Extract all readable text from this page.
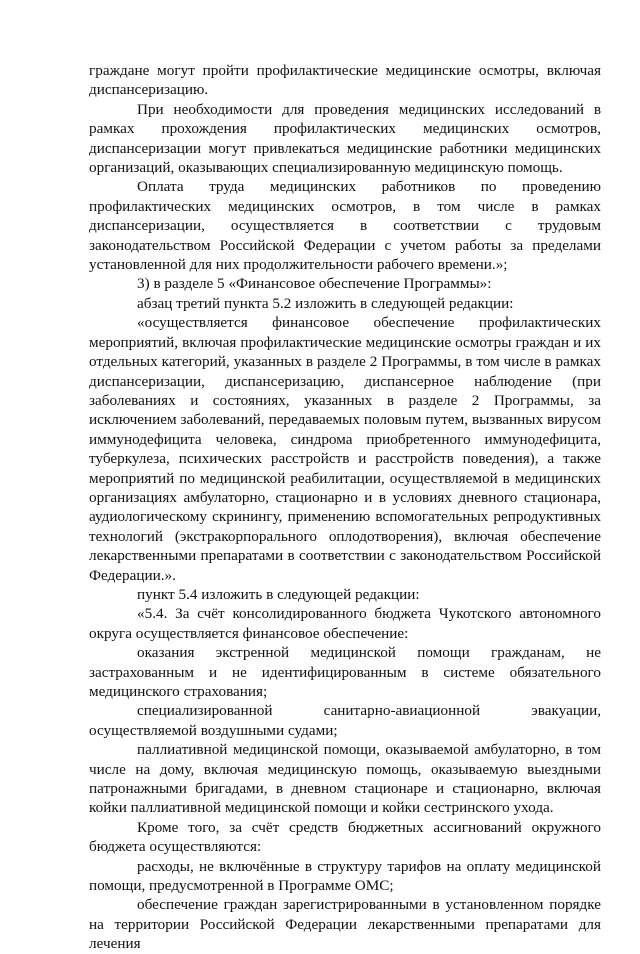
граждане могут пройти профилактические медицинские осмотры, включая диспансеризацию.

При необходимости для проведения медицинских исследований в рамках прохождения профилактических медицинских осмотров, диспансеризации могут привлекаться медицинские работники медицинских организаций, оказывающих специализированную медицинскую помощь.

Оплата труда медицинских работников по проведению профилактических медицинских осмотров, в том числе в рамках диспансеризации, осуществляется в соответствии с трудовым законодательством Российской Федерации с учетом работы за пределами установленной для них продолжительности рабочего времени.»;

3) в разделе 5 «Финансовое обеспечение Программы»:

абзац третий пункта 5.2 изложить в следующей редакции:

«осуществляется финансовое обеспечение профилактических мероприятий, включая профилактические медицинские осмотры граждан и их отдельных категорий, указанных в разделе 2 Программы, в том числе в рамках диспансеризации, диспансеризацию, диспансерное наблюдение (при заболеваниях и состояниях, указанных в разделе 2 Программы, за исключением заболеваний, передаваемых половым путем, вызванных вирусом иммунодефицита человека, синдрома приобретенного иммунодефицита, туберкулеза, психических расстройств и расстройств поведения), а также мероприятий по медицинской реабилитации, осуществляемой в медицинских организациях амбулаторно, стационарно и в условиях дневного стационара, аудиологическому скринингу, применению вспомогательных репродуктивных технологий (экстракорпорального оплодотворения), включая обеспечение лекарственными препаратами в соответствии с законодательством Российской Федерации.».

пункт 5.4 изложить в следующей редакции:

«5.4. За счёт консолидированного бюджета Чукотского автономного округа осуществляется финансовое обеспечение:

оказания экстренной медицинской помощи гражданам, не застрахованным и не идентифицированным в системе обязательного медицинского страхования;

специализированной санитарно-авиационной эвакуации, осуществляемой воздушными судами;

паллиативной медицинской помощи, оказываемой амбулаторно, в том числе на дому, включая медицинскую помощь, оказываемую выездными патронажными бригадами, в дневном стационаре и стационарно, включая койки паллиативной медицинской помощи и койки сестринского ухода.

Кроме того, за счёт средств бюджетных ассигнований окружного бюджета осуществляются:

расходы, не включённые в структуру тарифов на оплату медицинской помощи, предусмотренной в Программе ОМС;

обеспечение граждан зарегистрированными в установленном порядке на территории Российской Федерации лекарственными препаратами для лечения
